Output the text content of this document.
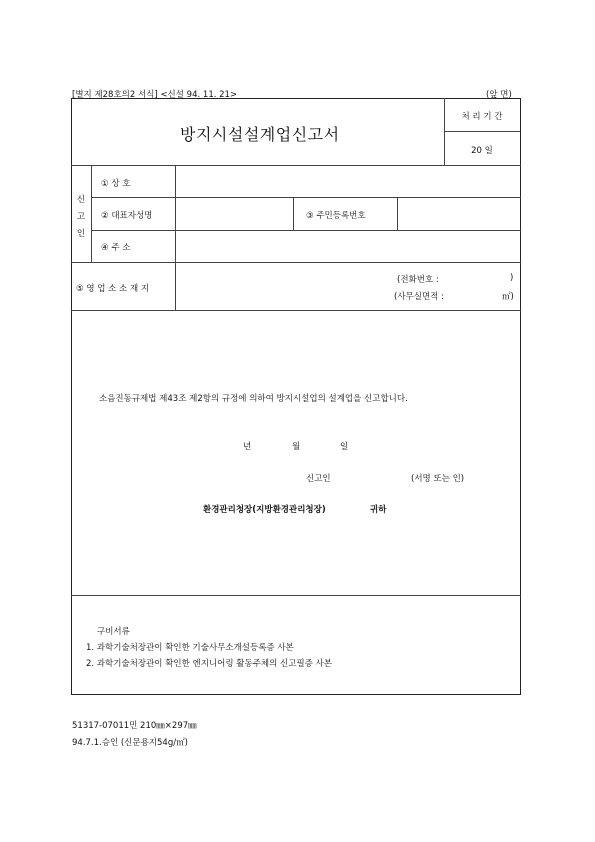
[별지 제28호의2 서식] <신설 94. 11. 21>	(앞 면)
방지시설설계업신고서
처 리 기 간
20 일
신 고 인
① 상 호
② 대표자성명	③ 주민등록번호
④ 주 소
⑤ 영 업 소 소 재 지
(전화번호 :	)
(사무실면적 :	㎡)
소음진동규제법 제43조 제2항의 규정에 의하여 방지시설업의 설계업을 신고합니다.
년	월	일
신고인	(서명 또는 인)
환경관리청장(지방환경관리청장)	귀하
구비서류
1. 과학기술처장관이 확인한 기술사무소개설등록증 사본
2. 과학기술처장관이 확인한 엔지니어링 활동주체의 신고필증 사본
51317-07011민 210㎜×297㎜
94.7.1.승인 (신문용지54g/㎡)
